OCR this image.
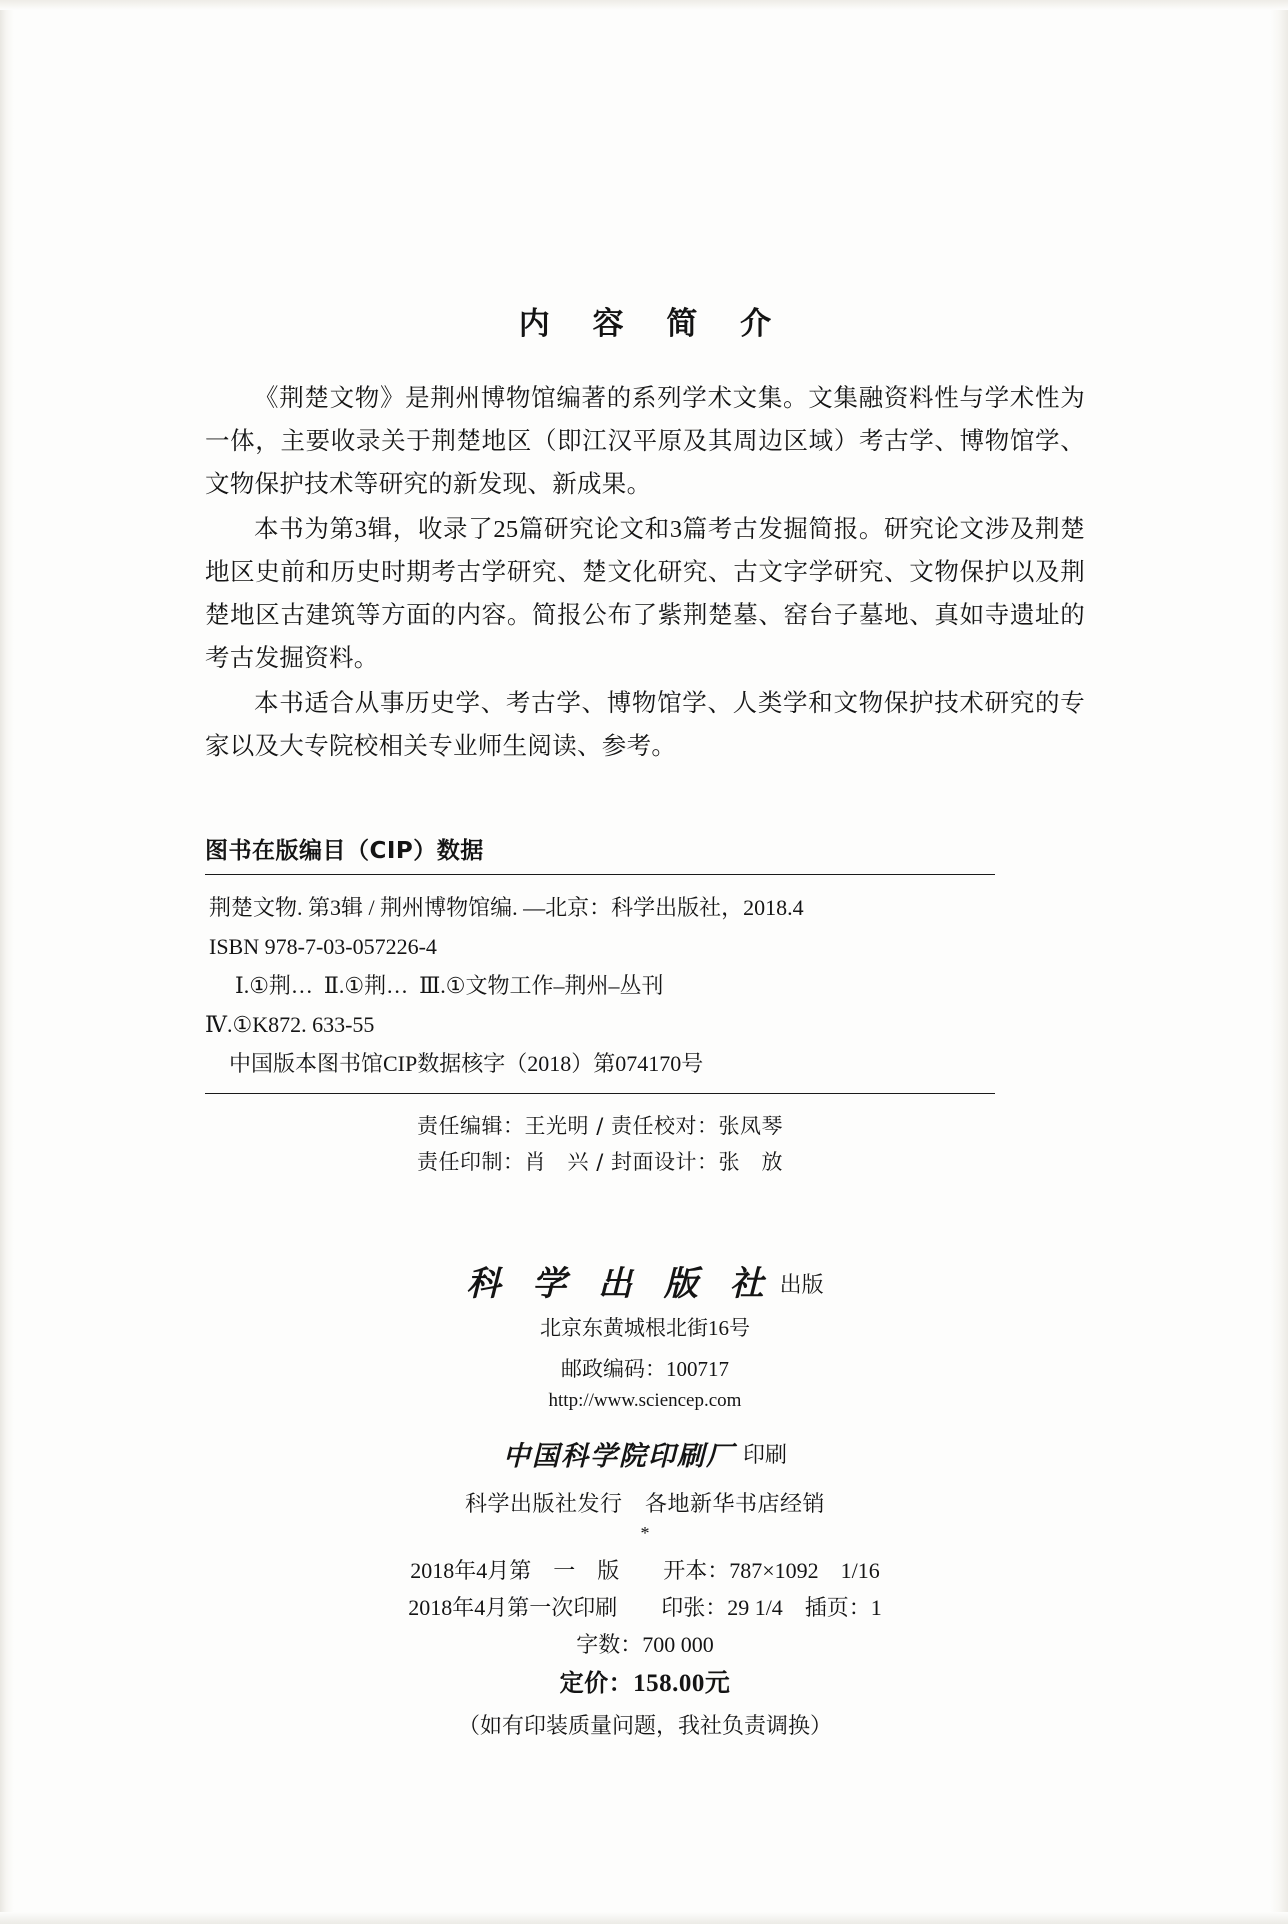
内 容 简 介

《荆楚文物》是荆州博物馆编著的系列学术文集。文集融资料性与学术性为一体，主要收录关于荆楚地区（即江汉平原及其周边区域）考古学、博物馆学、文物保护技术等研究的新发现、新成果。

本书为第3辑，收录了25篇研究论文和3篇考古发掘简报。研究论文涉及荆楚地区史前和历史时期考古学研究、楚文化研究、古文字学研究、文物保护以及荆楚地区古建筑等方面的内容。简报公布了紫荆楚墓、窑台子墓地、真如寺遗址的考古发掘资料。

本书适合从事历史学、考古学、博物馆学、人类学和文物保护技术研究的专家以及大专院校相关专业师生阅读、参考。

图书在版编目（CIP）数据
荆楚文物. 第3辑 / 荆州博物馆编. —北京：科学出版社，2018.4
ISBN 978-7-03-057226-4
Ⅰ.①荆…  Ⅱ.①荆…  Ⅲ.①文物工作–荆州–丛刊
Ⅳ.①K872. 633-55
中国版本图书馆CIP数据核字（2018）第074170号
责任编辑：王光明 / 责任校对：张凤琴
责任印制：肖　兴 / 封面设计：张　放
科 学 出 版 社 出版
北京东黄城根北街16号
邮政编码：100717
http://www.sciencep.com
中国科学院印刷厂 印刷
科学出版社发行　各地新华书店经销
*
2018年4月第　一　版　　开本：787×1092　1/16
2018年4月第一次印刷　　印张：29 1/4　插页：1
字数：700 000
定价：158.00元
（如有印装质量问题，我社负责调换）
